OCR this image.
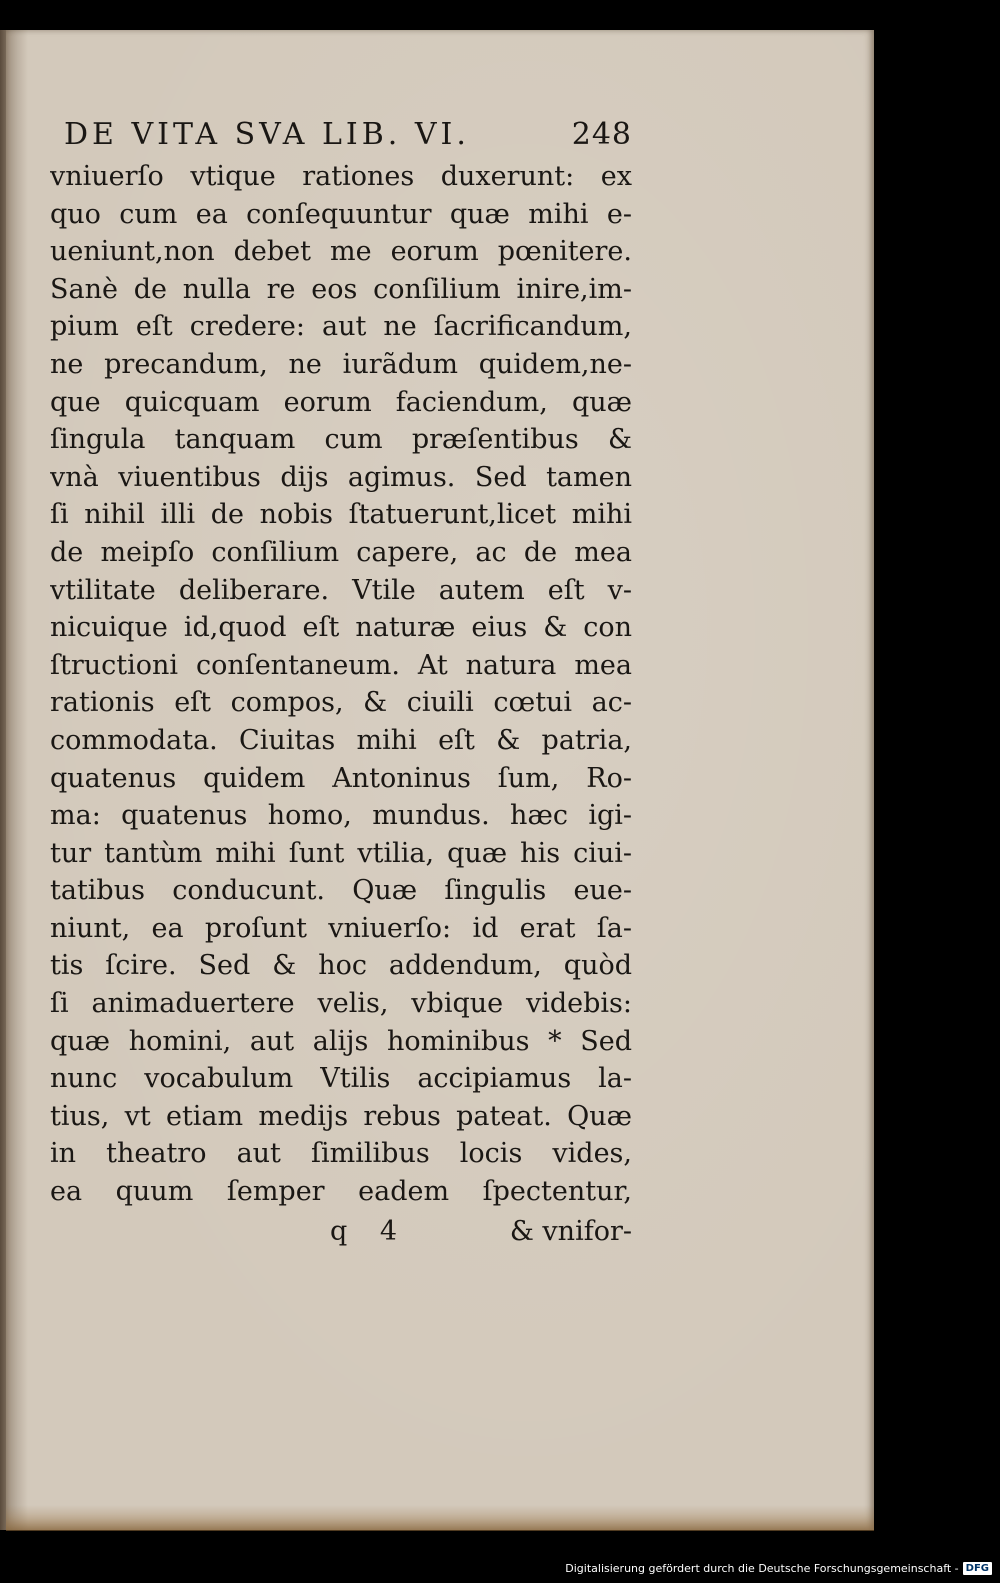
DE VITA SVA LIB. VI.	248
vniuerſo vtique rationes duxerunt: ex
quo cum ea conſequuntur quæ mihi e-
ueniunt,non debet me eorum pœnitere.
Sanè de nulla re eos conſilium inire,im-
pium eſt credere: aut ne ſacrificandum,
ne precandum, ne iurãdum quidem,ne-
que quicquam eorum faciendum, quæ
ſingula tanquam cum præſentibus &
vnà viuentibus dijs agimus. Sed tamen
ſi nihil illi de nobis ſtatuerunt,licet mihi
de meipſo conſilium capere, ac de mea
vtilitate deliberare. Vtile autem eſt v-
nicuique id,quod eſt naturæ eius & con
ſtructioni conſentaneum. At natura mea
rationis eſt compos, & ciuili cœtui ac-
commodata. Ciuitas mihi eſt & patria,
quatenus quidem Antoninus ſum, Ro-
ma: quatenus homo, mundus. hæc igi-
tur tantùm mihi ſunt vtilia, quæ his ciui-
tatibus conducunt. Quæ ſingulis eue-
niunt, ea proſunt vniuerſo: id erat ſa-
tis ſcire. Sed & hoc addendum, quòd
ſi animaduertere velis, vbique videbis:
quæ homini, aut alijs hominibus * Sed
nunc vocabulum Vtilis accipiamus la-
tius, vt etiam medijs rebus pateat. Quæ
in theatro aut ſimilibus locis vides,
ea quum ſemper eadem ſpectentur,
q 4	& vnifor-
Digitalisierung gefördert durch die Deutsche Forschungsgemeinschaft - DFG
